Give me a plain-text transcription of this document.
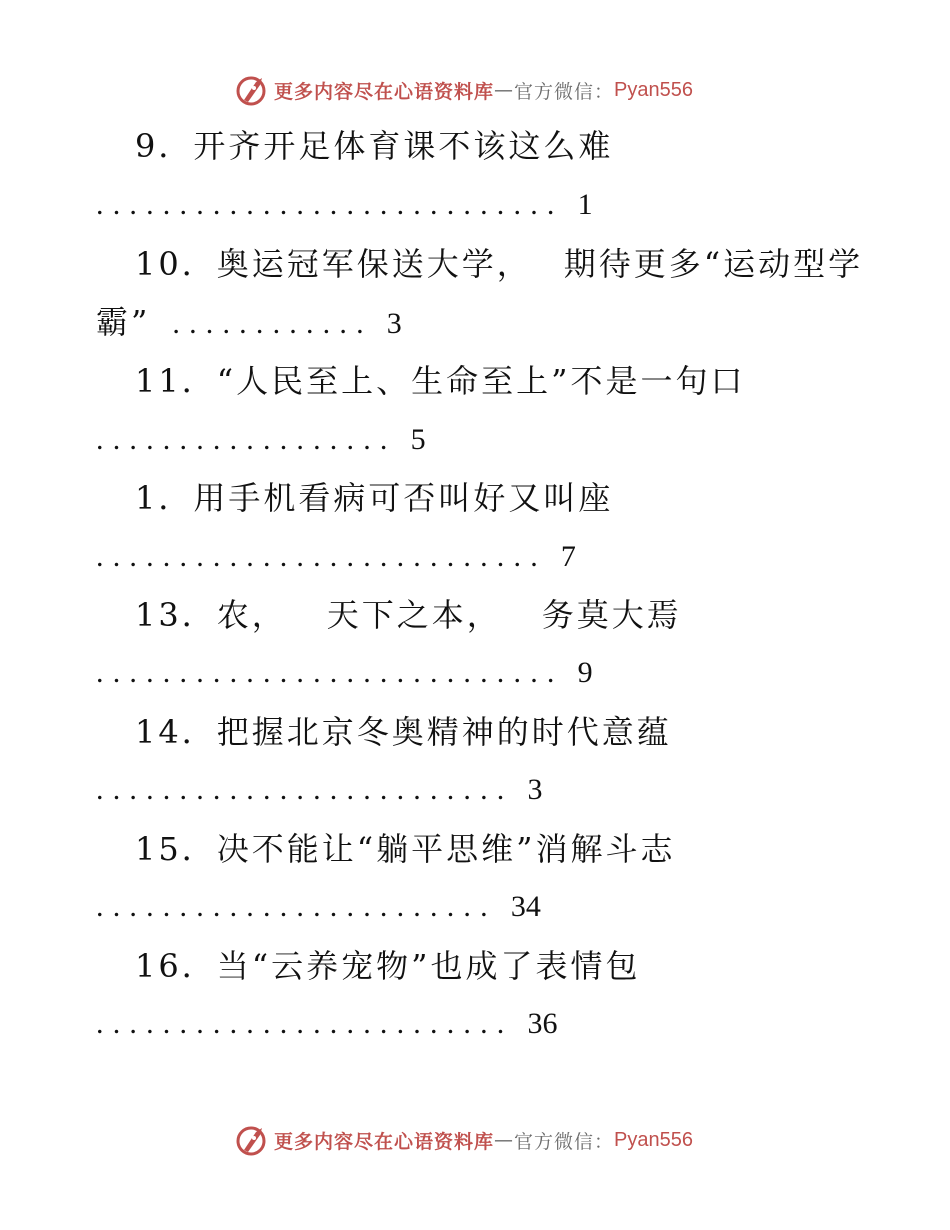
更多内容尽在心语资料库 — 官方微信： Pyan556
9．开齐开足体育课不该这么难
............................ 1
10．奥运冠军保送大学， 期待更多“运动型学
霸” ............ 3
11．“人民至上、生命至上”不是一句口
.................. 5
1．用手机看病可否叫好又叫座
........................... 7
13．农， 天下之本， 务莫大焉
............................ 9
14．把握北京冬奥精神的时代意蕴
......................... 3
15．决不能让“躺平思维”消解斗志
........................ 34
16．当“云养宠物”也成了表情包
......................... 36
更多内容尽在心语资料库 — 官方微信： Pyan556
